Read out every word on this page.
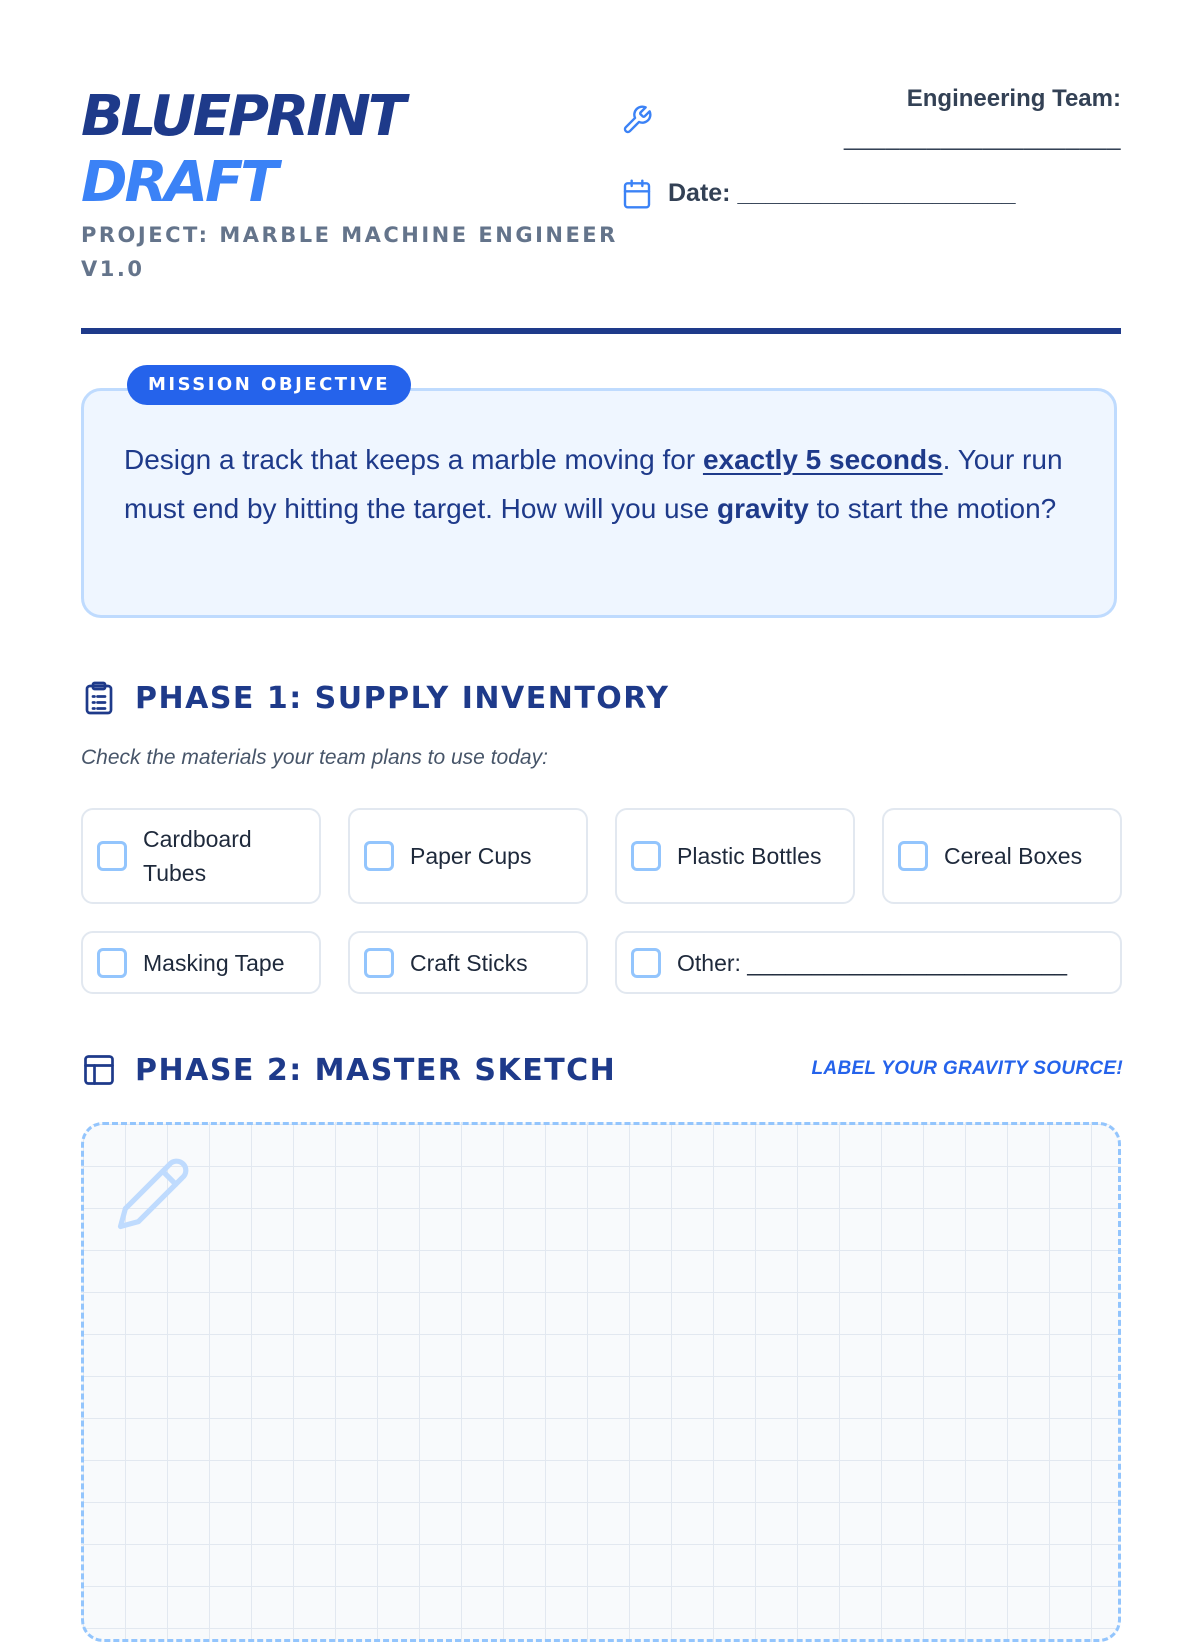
BLUEPRINT
DRAFT
PROJECT: MARBLE MACHINE ENGINEER V1.0
Engineering Team:
____________________
Date: ____________________
MISSION OBJECTIVE
Design a track that keeps a marble moving for exactly 5 seconds. Your run must end by hitting the target. How will you use gravity to start the motion?
PHASE 1: SUPPLY INVENTORY
Check the materials your team plans to use today:
Cardboard Tubes
Paper Cups	Plastic Bottles	Cereal Boxes
Masking Tape	Craft Sticks	Other: _________________________
PHASE 2: MASTER SKETCH	LABEL YOUR GRAVITY SOURCE!
